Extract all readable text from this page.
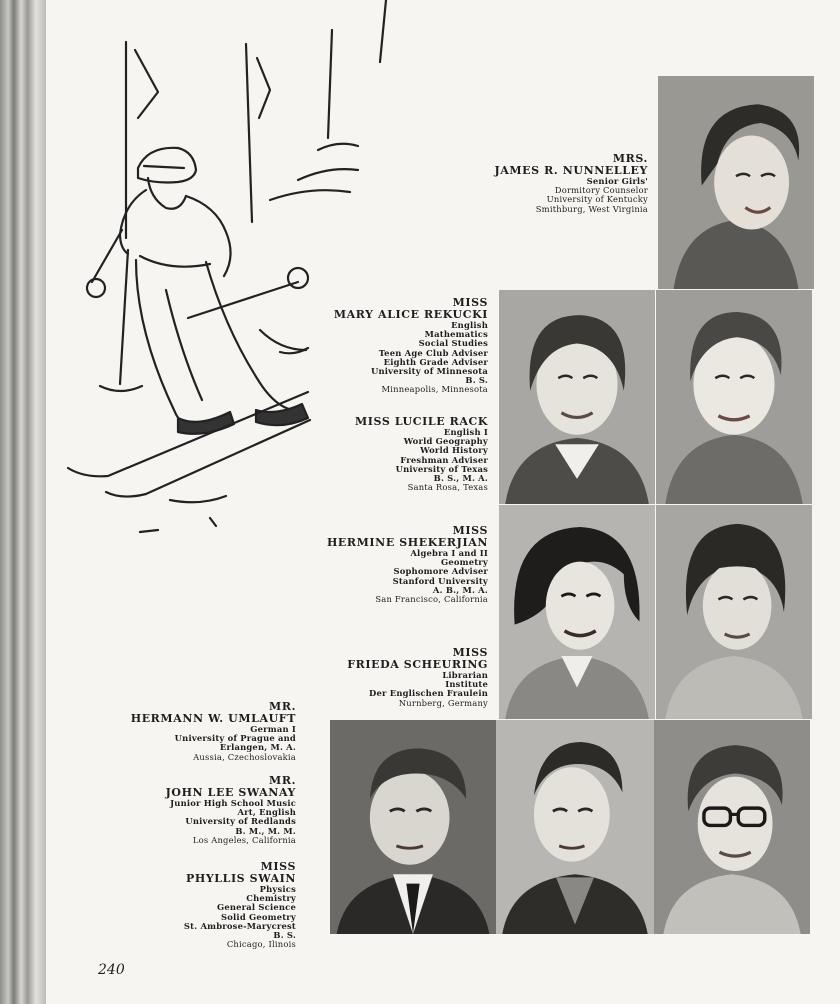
MRS.
JAMES R. NUNNELLEY
Senior Girls'
Dormitory Counselor
University of Kentucky
Smithburg, West Virginia
MISS
MARY ALICE REKUCKI
English
Mathematics
Social Studies
Teen Age Club Adviser
Eighth Grade Adviser
University of Minnesota
B. S.
Minneapolis, Minnesota
MISS LUCILE RACK
English I
World Geography
World History
Freshman Adviser
University of Texas
B. S., M. A.
Santa Rosa, Texas
MISS
HERMINE SHEKERJIAN
Algebra I and II
Geometry
Sophomore Adviser
Stanford University
A. B., M. A.
San Francisco, California
MISS
FRIEDA SCHEURING
Librarian
Institute
Der Englischen Fraulein
Nurnberg, Germany
MR.
HERMANN W. UMLAUFT
German I
University of Prague and
Erlangen, M. A.
Aussia, Czechoslovakia
MR.
JOHN LEE SWANAY
Junior High School Music
Art, English
University of Redlands
B. M., M. M.
Los Angeles, California
MISS
PHYLLIS SWAIN
Physics
Chemistry
General Science
Solid Geometry
St. Ambrose-Marycrest
B. S.
Chicago, Ilinois
240
